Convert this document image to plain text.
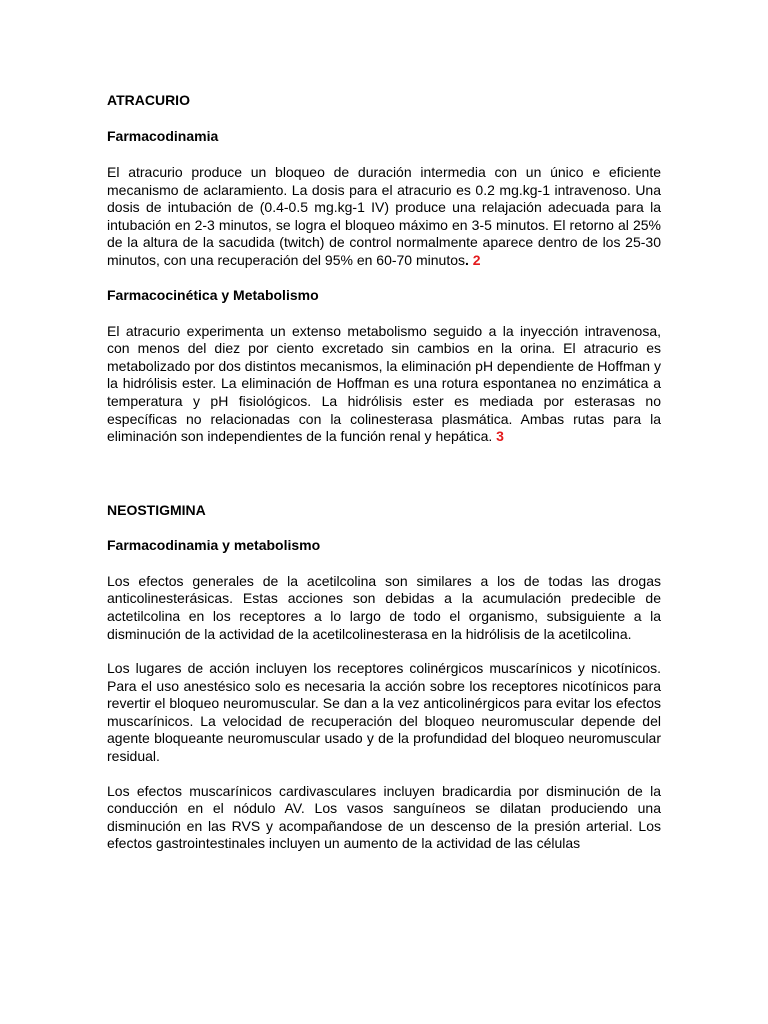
ATRACURIO
Farmacodinamia

El atracurio produce un bloqueo de duración intermedia con un único e eficiente mecanismo de aclaramiento. La dosis para el atracurio es 0.2 mg.kg-1 intravenoso. Una dosis de intubación de (0.4-0.5 mg.kg-1 IV) produce una relajación adecuada para la intubación en 2-3 minutos, se logra el bloqueo máximo en 3-5 minutos. El retorno al 25% de la altura de la sacudida (twitch) de control normalmente aparece dentro de los 25-30 minutos, con una recuperación del 95% en 60-70 minutos. 2

Farmacocinética y Metabolismo

El atracurio experimenta un extenso metabolismo seguido a la inyección intravenosa, con menos del diez por ciento excretado sin cambios en la orina. El atracurio es metabolizado por dos distintos mecanismos, la eliminación pH dependiente de Hoffman y la hidrólisis ester. La eliminación de Hoffman es una rotura espontanea no enzimática a temperatura y pH fisiológicos. La hidrólisis ester es mediada por esterasas no específicas no relacionadas con la colinesterasa plasmática. Ambas rutas para la eliminación son independientes de la función renal y hepática. 3

NEOSTIGMINA
Farmacodinamia y metabolismo

Los efectos generales de la acetilcolina son similares a los de todas las drogas anticolinesterásicas. Estas acciones son debidas a la acumulación predecible de actetilcolina en los receptores a lo largo de todo el organismo, subsiguiente a la disminución de la actividad de la acetilcolinesterasa en la hidrólisis de la acetilcolina.

Los lugares de acción incluyen los receptores colinérgicos muscarínicos y nicotínicos. Para el uso anestésico solo es necesaria la acción sobre los receptores nicotínicos para revertir el bloqueo neuromuscular. Se dan a la vez anticolinérgicos para evitar los efectos muscarínicos. La velocidad de recuperación del bloqueo neuromuscular depende del agente bloqueante neuromuscular usado y de la profundidad del bloqueo neuromuscular residual.

Los efectos muscarínicos cardivasculares incluyen bradicardia por disminución de la conducción en el nódulo AV. Los vasos sanguíneos se dilatan produciendo una disminución en las RVS y acompañandose de un descenso de la presión arterial. Los efectos gastrointestinales incluyen un aumento de la actividad de las células
